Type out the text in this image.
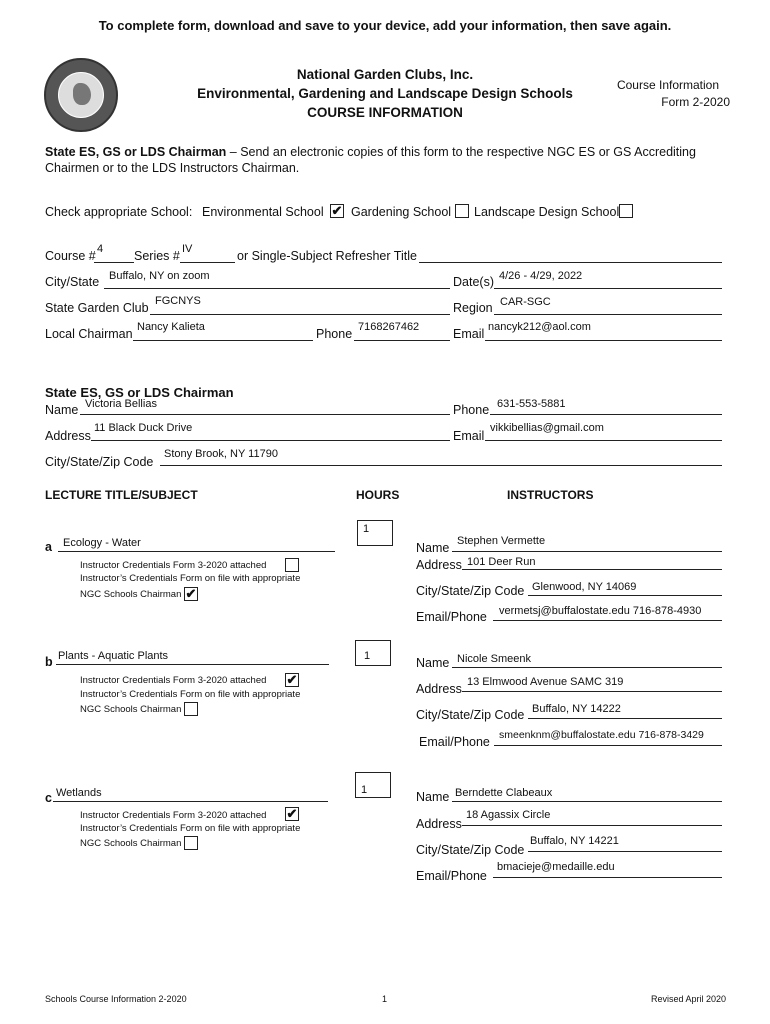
To complete form, download and save to your device, add your information, then save again.
National Garden Clubs, Inc.
Environmental, Gardening and Landscape Design Schools
COURSE INFORMATION
Course Information
Form 2-2020
State ES, GS or LDS Chairman – Send an electronic copies of this form to the respective NGC ES or GS Accrediting
Chairmen or to the LDS Instructors Chairman.
Check appropriate School: Environmental School ✔ Gardening School Landscape Design School
Course # 4 Series # IV	or Single-Subject Refresher Title
City/State Buffalo, NY on zoom	Date(s) 4/26 - 4/29, 2022
State Garden Club FGCNYS	Region CAR-SGC
Local Chairman Nancy Kalieta	Phone 7168267462	Email nancyk212@aol.com
State ES, GS or LDS Chairman
Name Victoria Bellias	Phone 631-553-5881
Address
11 Black Duck Drive
Email
vikkibellias@gmail.com
City/State/Zip Code
Stony Brook, NY 11790
LECTURE TITLE/SUBJECT	HOURS	INSTRUCTORS
a Ecology - Water
Instructor Credentials Form 3-2020 attached
Instructor’s Credentials Form on file with appropriate
NGC Schools Chairman ✔
1
Name Stephen Vermette
Address 101 Deer Run
City/State/Zip Code Glenwood, NY 14069
Email/Phone vermetsj@buffalostate.edu 716-878-4930
b Plants - Aquatic Plants
Instructor Credentials Form 3-2020 attached ✔
Instructor’s Credentials Form on file with appropriate
NGC Schools Chairman
1	Name Nicole Smeenk
Address 13 Elmwood Avenue SAMC 319
City/State/Zip Code Buffalo, NY 14222
Email/Phone smeenknm@buffalostate.edu 716-878-3429
c Wetlands
Instructor Credentials Form 3-2020 attached ✔
Instructor’s Credentials Form on file with appropriate
NGC Schools Chairman
1	Name Berndette Clabeaux
Address
18 Agassix Circle
City/State/Zip Code
Buffalo, NY 14221
Email/Phone
bmacieje@medaille.edu
Schools Course Information 2-2020	1	Revised April 2020
